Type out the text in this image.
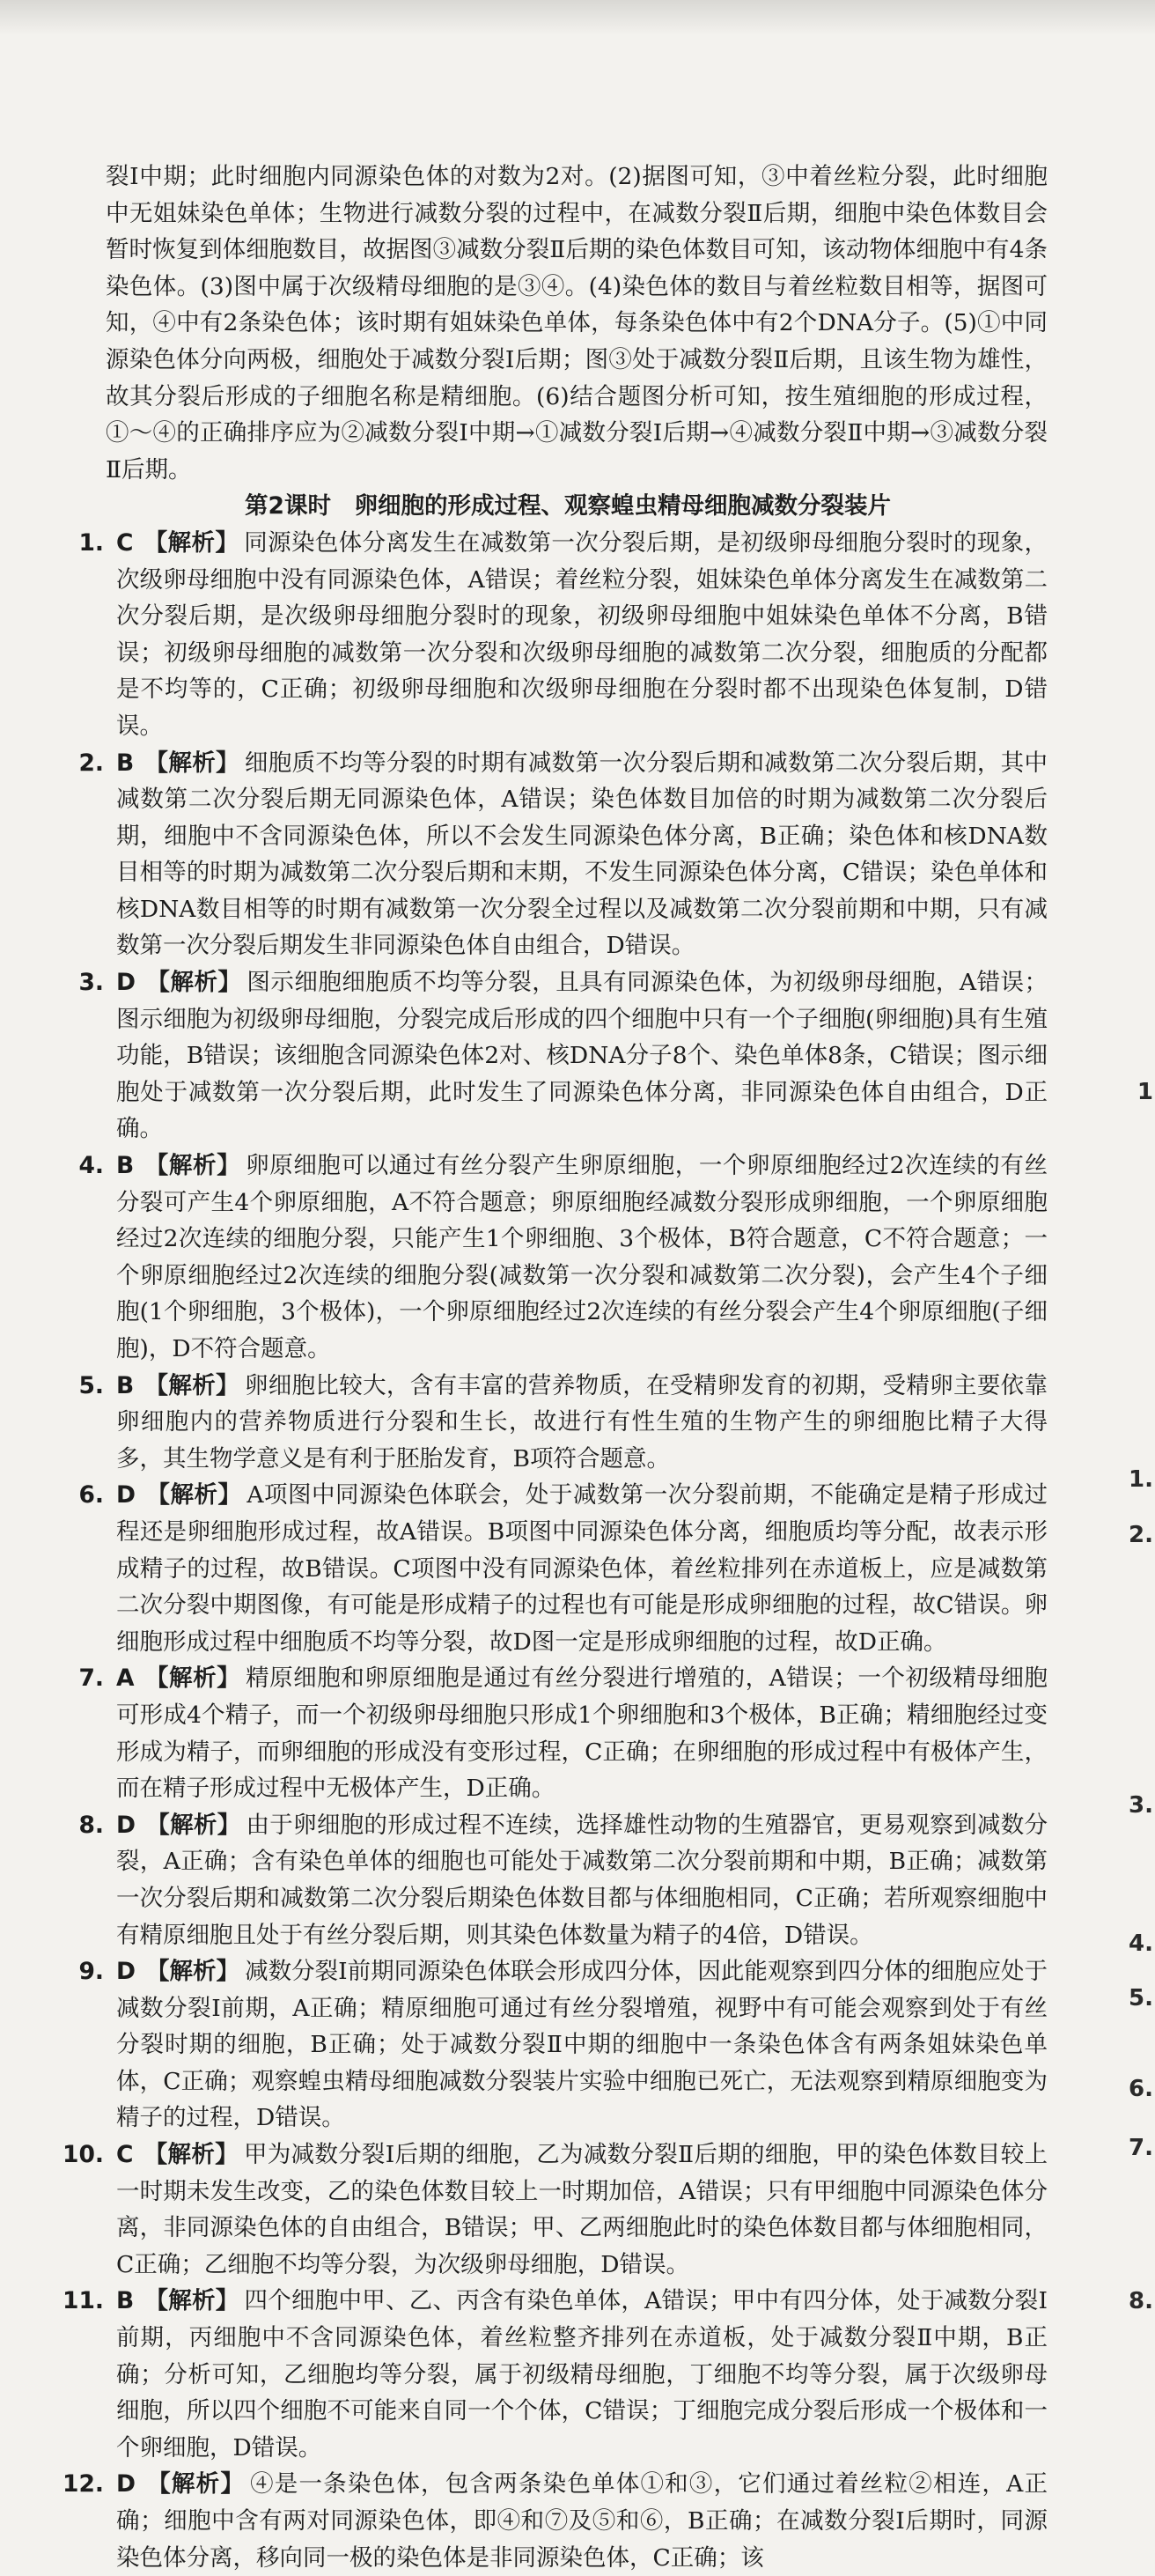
裂Ⅰ中期；此时细胞内同源染色体的对数为2对。(2)据图可知，③中着丝粒分裂，此时细胞中无姐妹染色单体；生物进行减数分裂的过程中，在减数分裂Ⅱ后期，细胞中染色体数目会暂时恢复到体细胞数目，故据图③减数分裂Ⅱ后期的染色体数目可知，该动物体细胞中有4条染色体。(3)图中属于次级精母细胞的是③④。(4)染色体的数目与着丝粒数目相等，据图可知，④中有2条染色体；该时期有姐妹染色单体，每条染色体中有2个DNA分子。(5)①中同源染色体分向两极，细胞处于减数分裂Ⅰ后期；图③处于减数分裂Ⅱ后期，且该生物为雄性，故其分裂后形成的子细胞名称是精细胞。(6)结合题图分析可知，按生殖细胞的形成过程，①～④的正确排序应为②减数分裂Ⅰ中期→①减数分裂Ⅰ后期→④减数分裂Ⅱ中期→③减数分裂Ⅱ后期。

第2课时　卵细胞的形成过程、观察蝗虫精母细胞减数分裂装片

1. C 【解析】 同源染色体分离发生在减数第一次分裂后期，是初级卵母细胞分裂时的现象，次级卵母细胞中没有同源染色体，A错误；着丝粒分裂，姐妹染色单体分离发生在减数第二次分裂后期，是次级卵母细胞分裂时的现象，初级卵母细胞中姐妹染色单体不分离，B错误；初级卵母细胞的减数第一次分裂和次级卵母细胞的减数第二次分裂，细胞质的分配都是不均等的，C正确；初级卵母细胞和次级卵母细胞在分裂时都不出现染色体复制，D错误。
2. B 【解析】 细胞质不均等分裂的时期有减数第一次分裂后期和减数第二次分裂后期，其中减数第二次分裂后期无同源染色体，A错误；染色体数目加倍的时期为减数第二次分裂后期，细胞中不含同源染色体，所以不会发生同源染色体分离，B正确；染色体和核DNA数目相等的时期为减数第二次分裂后期和末期，不发生同源染色体分离，C错误；染色单体和核DNA数目相等的时期有减数第一次分裂全过程以及减数第二次分裂前期和中期，只有减数第一次分裂后期发生非同源染色体自由组合，D错误。
3. D 【解析】 图示细胞细胞质不均等分裂，且具有同源染色体，为初级卵母细胞，A错误；图示细胞为初级卵母细胞，分裂完成后形成的四个细胞中只有一个子细胞(卵细胞)具有生殖功能，B错误；该细胞含同源染色体2对、核DNA分子8个、染色单体8条，C错误；图示细胞处于减数第一次分裂后期，此时发生了同源染色体分离，非同源染色体自由组合，D正确。
4. B 【解析】 卵原细胞可以通过有丝分裂产生卵原细胞，一个卵原细胞经过2次连续的有丝分裂可产生4个卵原细胞，A不符合题意；卵原细胞经减数分裂形成卵细胞，一个卵原细胞经过2次连续的细胞分裂，只能产生1个卵细胞、3个极体，B符合题意，C不符合题意；一个卵原细胞经过2次连续的细胞分裂(减数第一次分裂和减数第二次分裂)，会产生4个子细胞(1个卵细胞，3个极体)，一个卵原细胞经过2次连续的有丝分裂会产生4个卵原细胞(子细胞)，D不符合题意。
5. B 【解析】 卵细胞比较大，含有丰富的营养物质，在受精卵发育的初期，受精卵主要依靠卵细胞内的营养物质进行分裂和生长，故进行有性生殖的生物产生的卵细胞比精子大得多，其生物学意义是有利于胚胎发育，B项符合题意。
6. D 【解析】 A项图中同源染色体联会，处于减数第一次分裂前期，不能确定是精子形成过程还是卵细胞形成过程，故A错误。B项图中同源染色体分离，细胞质均等分配，故表示形成精子的过程，故B错误。C项图中没有同源染色体，着丝粒排列在赤道板上，应是减数第二次分裂中期图像，有可能是形成精子的过程也有可能是形成卵细胞的过程，故C错误。卵细胞形成过程中细胞质不均等分裂，故D图一定是形成卵细胞的过程，故D正确。
7. A 【解析】 精原细胞和卵原细胞是通过有丝分裂进行增殖的，A错误；一个初级精母细胞可形成4个精子，而一个初级卵母细胞只形成1个卵细胞和3个极体，B正确；精细胞经过变形成为精子，而卵细胞的形成没有变形过程，C正确；在卵细胞的形成过程中有极体产生，而在精子形成过程中无极体产生，D正确。
8. D 【解析】 由于卵细胞的形成过程不连续，选择雄性动物的生殖器官，更易观察到减数分裂，A正确；含有染色单体的细胞也可能处于减数第二次分裂前期和中期，B正确；减数第一次分裂后期和减数第二次分裂后期染色体数目都与体细胞相同，C正确；若所观察细胞中有精原细胞且处于有丝分裂后期，则其染色体数量为精子的4倍，D错误。
9. D 【解析】 减数分裂Ⅰ前期同源染色体联会形成四分体，因此能观察到四分体的细胞应处于减数分裂Ⅰ前期，A正确；精原细胞可通过有丝分裂增殖，视野中有可能会观察到处于有丝分裂时期的细胞，B正确；处于减数分裂Ⅱ中期的细胞中一条染色体含有两条姐妹染色单体，C正确；观察蝗虫精母细胞减数分裂装片实验中细胞已死亡，无法观察到精原细胞变为精子的过程，D错误。
10. C 【解析】 甲为减数分裂Ⅰ后期的细胞，乙为减数分裂Ⅱ后期的细胞，甲的染色体数目较上一时期未发生改变，乙的染色体数目较上一时期加倍，A错误；只有甲细胞中同源染色体分离，非同源染色体的自由组合，B错误；甲、乙两细胞此时的染色体数目都与体细胞相同，C正确；乙细胞不均等分裂，为次级卵母细胞，D错误。
11. B 【解析】 四个细胞中甲、乙、丙含有染色单体，A错误；甲中有四分体，处于减数分裂Ⅰ前期，丙细胞中不含同源染色体，着丝粒整齐排列在赤道板，处于减数分裂Ⅱ中期，B正确；分析可知，乙细胞均等分裂，属于初级精母细胞，丁细胞不均等分裂，属于次级卵母细胞，所以四个细胞不可能来自同一个个体，C错误；丁细胞完成分裂后形成一个极体和一个卵细胞，D错误。
12. D 【解析】 ④是一条染色体，包含两条染色单体①和③，它们通过着丝粒②相连，A正确；细胞中含有两对同源染色体，即④和⑦及⑤和⑥，B正确；在减数分裂Ⅰ后期时，同源染色体分离，移向同一极的染色体是非同源染色体，C正确；该
1
1.
2.
3.
4.
5.
6.
7.
8.
